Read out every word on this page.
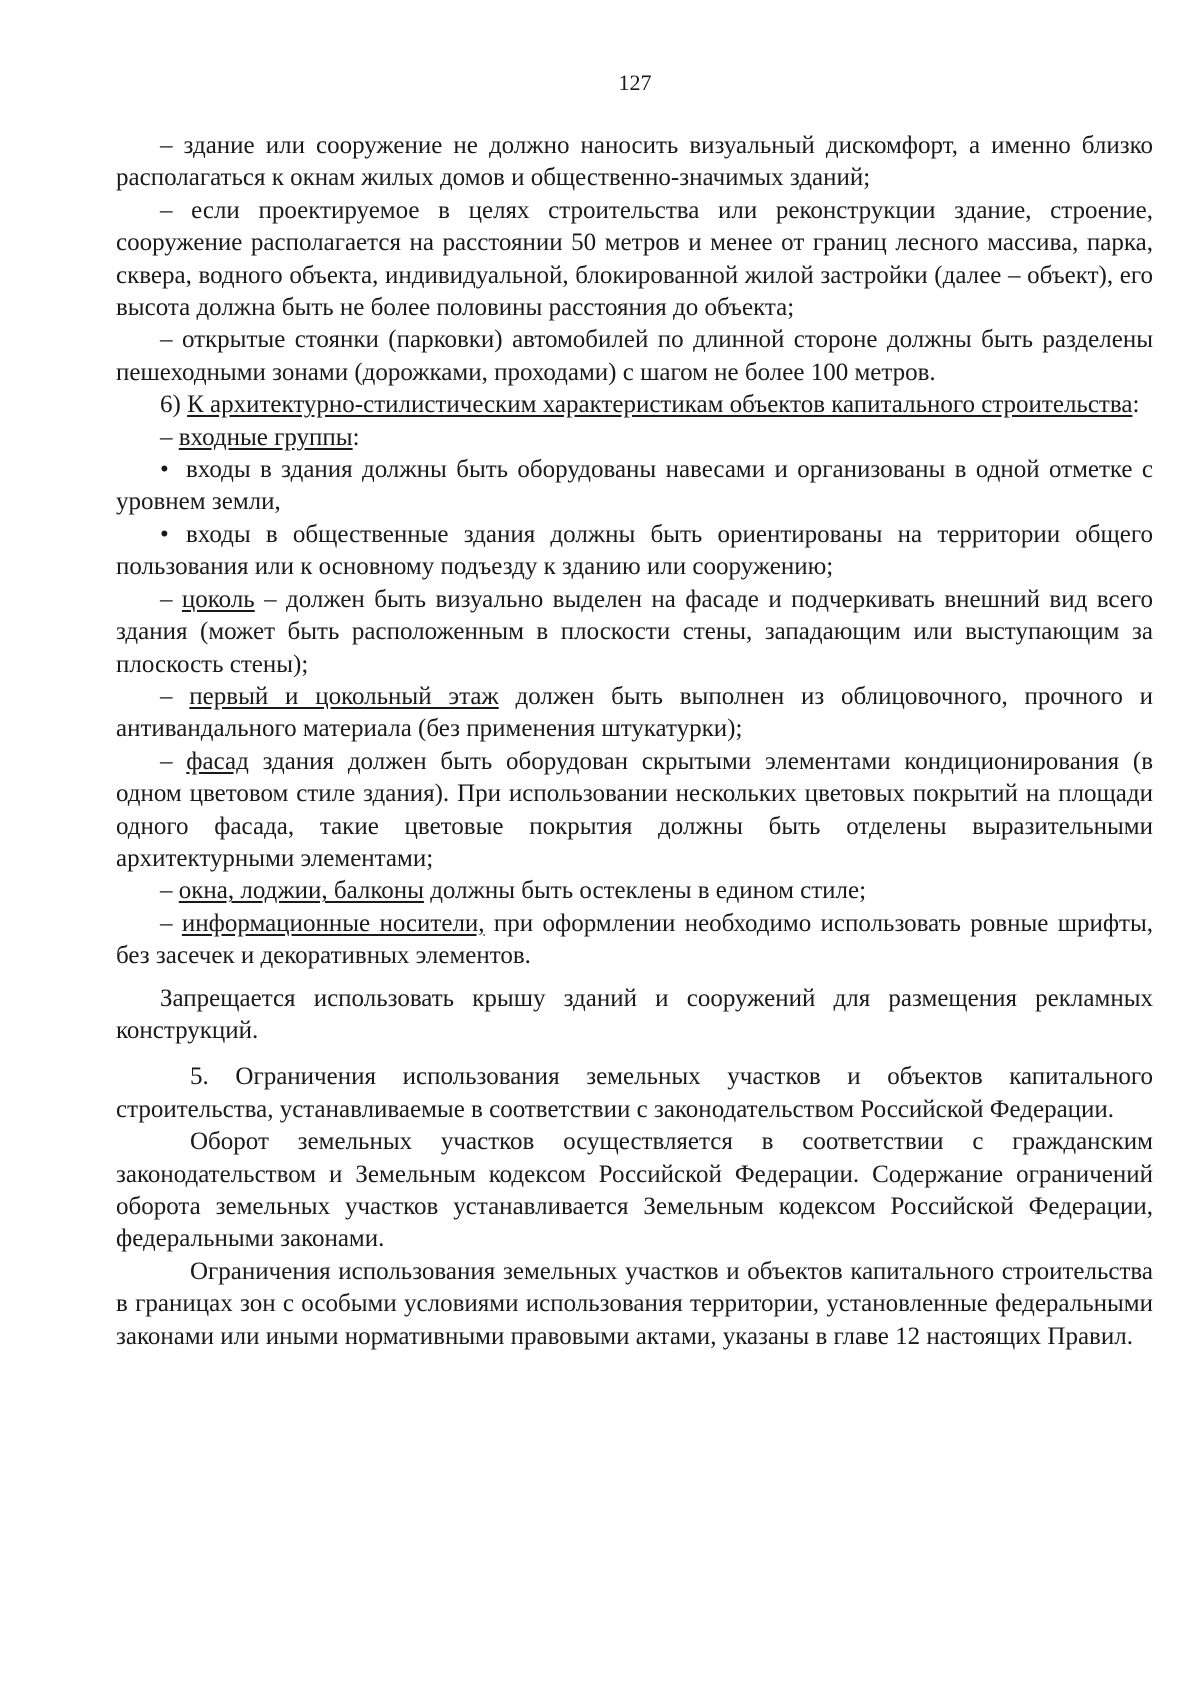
127

– здание или сооружение не должно наносить визуальный дискомфорт, а именно близко располагаться к окнам жилых домов и общественно-значимых зданий;

– если проектируемое в целях строительства или реконструкции здание, строение, сооружение располагается на расстоянии 50 метров и менее от границ лесного массива, парка, сквера, водного объекта, индивидуальной, блокированной жилой застройки (далее – объект), его высота должна быть не более половины расстояния до объекта;

– открытые стоянки (парковки) автомобилей по длинной стороне должны быть разделены пешеходными зонами (дорожками, проходами) с шагом не более 100 метров.

6) К архитектурно-стилистическим характеристикам объектов капитального строительства:

– входные группы:

• входы в здания должны быть оборудованы навесами и организованы в одной отметке с уровнем земли,

• входы в общественные здания должны быть ориентированы на территории общего пользования или к основному подъезду к зданию или сооружению;

– цоколь – должен быть визуально выделен на фасаде и подчеркивать внешний вид всего здания (может быть расположенным в плоскости стены, западающим или выступающим за плоскость стены);

– первый и цокольный этаж должен быть выполнен из облицовочного, прочного и антивандального материала (без применения штукатурки);

– фасад здания должен быть оборудован скрытыми элементами кондиционирования (в одном цветовом стиле здания). При использовании нескольких цветовых покрытий на площади одного фасада, такие цветовые покрытия должны быть отделены выразительными архитектурными элементами;

– окна, лоджии, балконы должны быть остеклены в едином стиле;

– информационные носители, при оформлении необходимо использовать ровные шрифты, без засечек и декоративных элементов.

Запрещается использовать крышу зданий и сооружений для размещения рекламных конструкций.

5. Ограничения использования земельных участков и объектов капитального строительства, устанавливаемые в соответствии с законодательством Российской Федерации.

Оборот земельных участков осуществляется в соответствии с гражданским законодательством и Земельным кодексом Российской Федерации. Содержание ограничений оборота земельных участков устанавливается Земельным кодексом Российской Федерации, федеральными законами.

Ограничения использования земельных участков и объектов капитального строительства в границах зон с особыми условиями использования территории, установленные федеральными законами или иными нормативными правовыми актами, указаны в главе 12 настоящих Правил.
